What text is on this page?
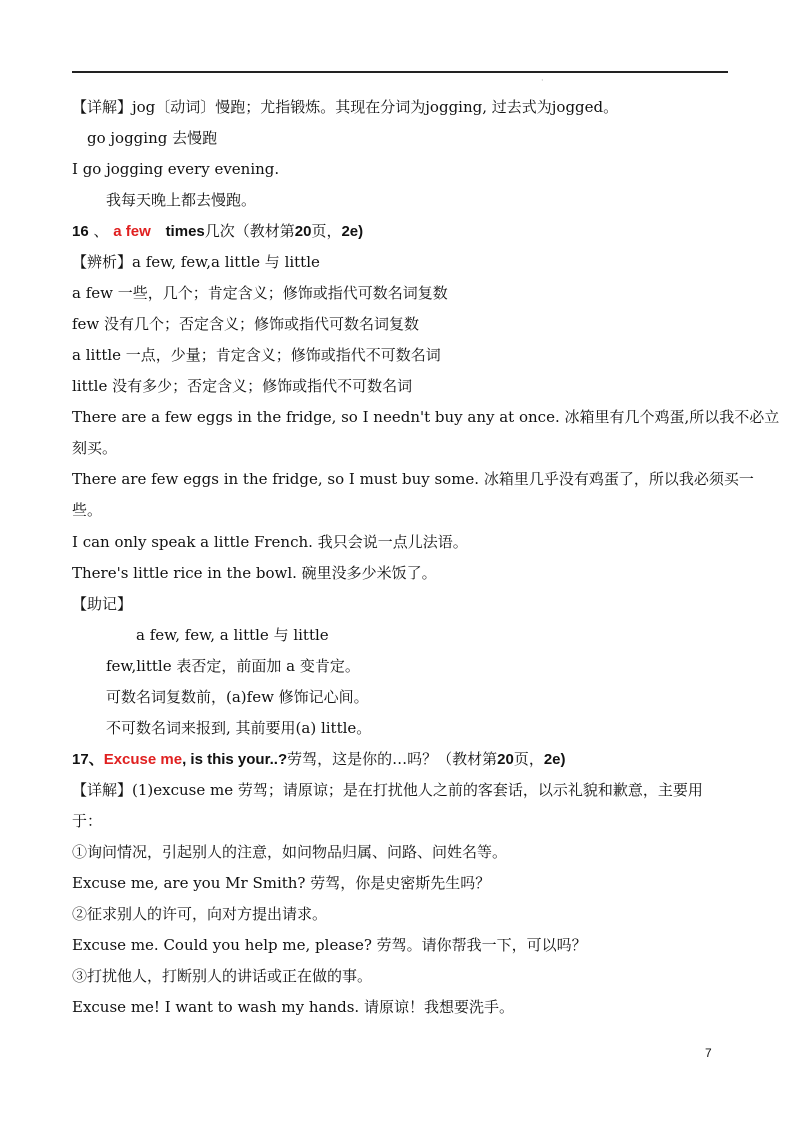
·
【详解】jog〔动词〕慢跑；尤指锻炼。其现在分词为jogging, 过去式为jogged。
go jogging 去慢跑
I go jogging every evening.
我每天晚上都去慢跑。
16 、 a few times几次（教材第20页，2e)
【辨析】a few, few,a little 与 little
a few 一些，几个；肯定含义；修饰或指代可数名词复数
few 没有几个；否定含义；修饰或指代可数名词复数
a little 一点，少量；肯定含义；修饰或指代不可数名词
little 没有多少；否定含义；修饰或指代不可数名词
There are a few eggs in the fridge, so I needn't buy any at once. 冰箱里有几个鸡蛋,所以我不必立
刻买。
There are few eggs in the fridge, so I must buy some. 冰箱里几乎没有鸡蛋了，所以我必须买一
些。
I can only speak a little French. 我只会说一点儿法语。
There's little rice in the bowl. 碗里没多少米饭了。
【助记】
a few, few, a little 与 little
few,little 表否定，前面加 a 变肯定。
可数名词复数前，(a)few 修饰记心间。
不可数名词来报到, 其前要用(a) little。
17、Excuse me, is this your..?劳驾，这是你的…吗？（教材第20页，2e)
【详解】(1)excuse me 劳驾；请原谅；是在打扰他人之前的客套话，以示礼貌和歉意，主要用
于：
①询问情况，引起别人的注意，如问物品归属、问路、问姓名等。
Excuse me, are you Mr Smith? 劳驾，你是史密斯先生吗？
②征求别人的许可，向对方提出请求。
Excuse me. Could you help me, please? 劳驾。请你帮我一下，可以吗？
③打扰他人，打断别人的讲话或正在做的事。
Excuse me! I want to wash my hands. 请原谅！我想要洗手。
7
